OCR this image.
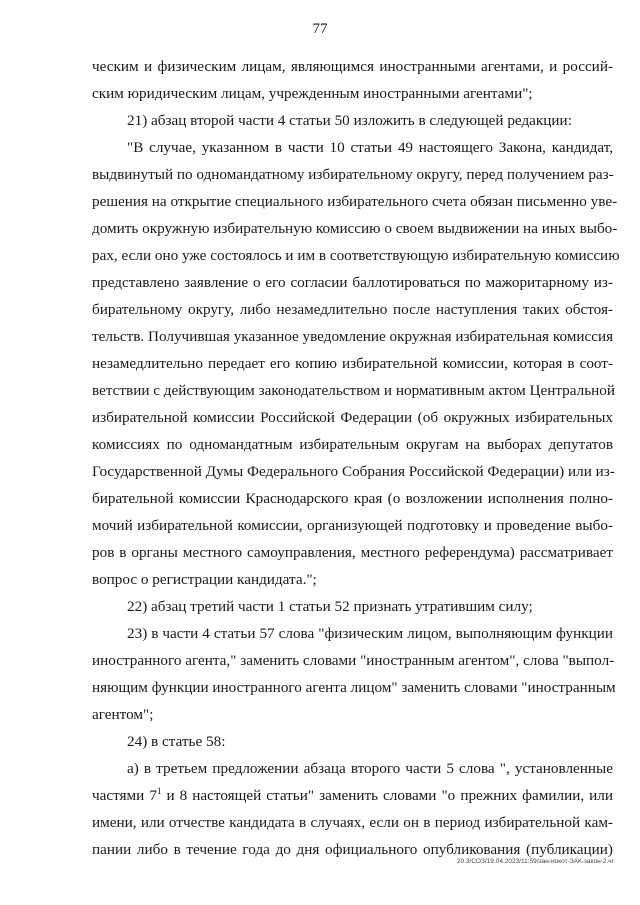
77
ческим и физическим лицам, являющимся иностранными агентами, и россий-
ским юридическим лицам, учрежденным иностранными агентами";
21) абзац второй части 4 статьи 50 изложить в следующей редакции:
"В случае, указанном в части 10 статьи 49 настоящего Закона, кандидат,
выдвинутый по одномандатному избирательному округу, перед получением раз-
решения на открытие специального избирательного счета обязан письменно уве-
домить окружную избирательную комиссию о своем выдвижении на иных выбо-
рах, если оно уже состоялось и им в соответствующую избирательную комиссию
представлено заявление о его согласии баллотироваться по мажоритарному из-
бирательному округу, либо незамедлительно после наступления таких обстоя-
тельств. Получившая указанное уведомление окружная избирательная комиссия
незамедлительно передает его копию избирательной комиссии, которая в соот-
ветствии с действующим законодательством и нормативным актом Центральной
избирательной комиссии Российской Федерации (об окружных избирательных
комиссиях по одномандатным избирательным округам на выборах депутатов
Государственной Думы Федерального Собрания Российской Федерации) или из-
бирательной комиссии Краснодарского края (о возложении исполнения полно-
мочий избирательной комиссии, организующей подготовку и проведение выбо-
ров в органы местного самоуправления, местного референдума) рассматривает
вопрос о регистрации кандидата.";
22) абзац третий части 1 статьи 52 признать утратившим силу;
23) в части 4 статьи 57 слова "физическим лицом, выполняющим функции
иностранного агента," заменить словами "иностранным агентом", слова "выпол-
няющим функции иностранного агента лицом" заменить словами "иностранным
агентом";
24) в статье 58:
а) в третьем предложении абзаца второго части 5 слова ", установленные
частями $7^1$ и 8 настоящей статьи" заменить словами "о прежних фамилии, или
имени, или отчестве кандидата в случаях, если он в период избирательной кам-
пании либо в течение года до дня официального опубликования (публикации)
20.3/СОЗ/19.04.2023/11:59/зан-иокот-ЗАК-закон-2.чг
